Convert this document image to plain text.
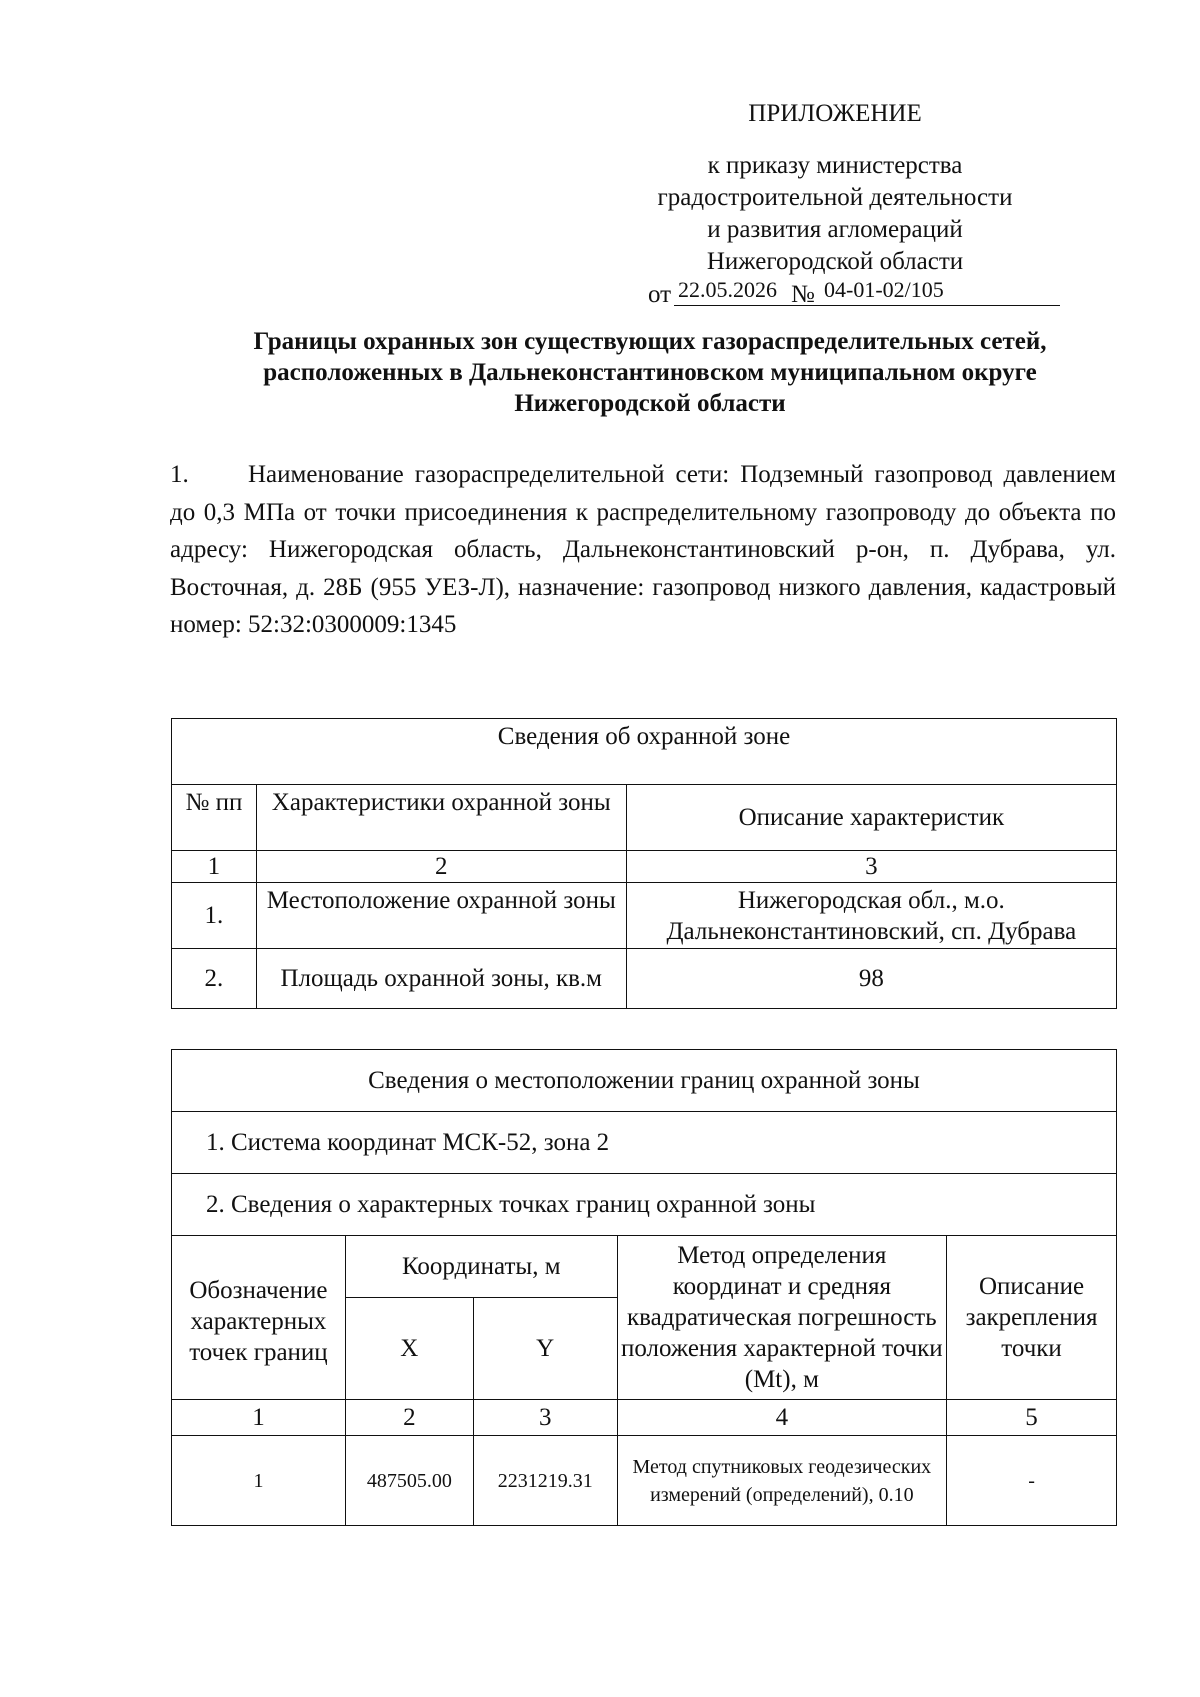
ПРИЛОЖЕНИЕ
к приказу министерства
градостроительной деятельности
и развития агломераций
Нижегородской области
от 22.05.2026 № 04-01-02/105
Границы охранных зон существующих газораспределительных сетей,
расположенных в Дальнеконстантиновском муниципальном округе
Нижегородской области
1. Наименование газораспределительной сети: Подземный газопровод давлением до 0,3 МПа от точки присоединения к распределительному газопроводу до объекта по адресу: Нижегородская область, Дальнеконстантиновский р-он, п. Дубрава, ул. Восточная, д. 28Б (955 УЕЗ-Л), назначение: газопровод низкого давления, кадастровый номер: 52:32:0300009:1345
Сведения об охранной зоне		
№ пп	Характеристики охранной зоны	Описание характеристик
1	2	3
1.	Местоположение охранной зоны	Нижегородская обл., м.о. Дальнеконстантиновский, сп. Дубрава
2.	Площадь охранной зоны, кв.м	98
Сведения о местоположении границ охранной зоны				
1. Система координат МСК-52, зона 2				
2. Сведения о характерных точках границ охранной зоны				
Обозначение характерных точек границ	Координаты, м		Метод определения координат и средняя квадратическая погрешность положения характерной точки (Mt), м	Описание закрепления точки
	X	Y		
1	2	3	4	5
1	487505.00	2231219.31	Метод спутниковых геодезических измерений (определений), 0.10	-
